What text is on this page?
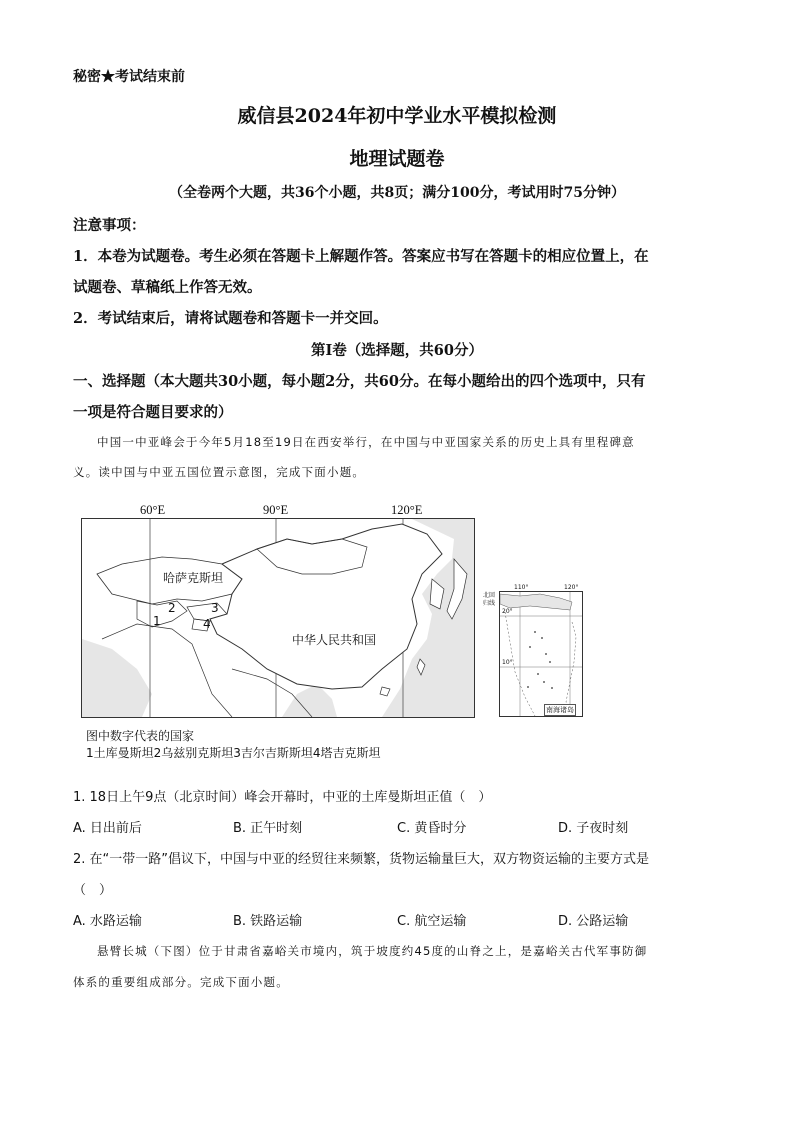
秘密★考试结束前
威信县2024年初中学业水平模拟检测
地理试题卷
（全卷两个大题，共36个小题，共8页；满分100分，考试用时75分钟）
注意事项：
1．本卷为试题卷。考生必须在答题卡上解题作答。答案应书写在答题卡的相应位置上，在
试题卷、草稿纸上作答无效。
2．考试结束后，请将试题卷和答题卡一并交回。
第Ⅰ卷（选择题，共60分）
一、选择题（本大题共30小题，每小题2分，共60分。在每小题给出的四个选项中，只有
一项是符合题目要求的）
中国一中亚峰会于今年5月18至19日在西安举行，在中国与中亚国家关系的历史上具有里程碑意
义。读中国与中亚五国位置示意图，完成下面小题。
60°E	90°E	120°E
哈萨克斯坦
中华人民共和国
1
2	3
4
110°	120°
北回
归线
20°
10°
南海诸岛
图中数字代表的国家
1土库曼斯坦2乌兹别克斯坦3吉尔吉斯斯坦4塔吉克斯坦
1. 18日上午9点（北京时间）峰会开幕时，中亚的土库曼斯坦正值（　）
A. 日出前后	B. 正午时刻	C. 黄昏时分	D. 子夜时刻
2. 在“一带一路”倡议下，中国与中亚的经贸往来频繁，货物运输量巨大，双方物资运输的主要方式是
（　）
A. 水路运输	B. 铁路运输	C. 航空运输	D. 公路运输
悬臂长城（下图）位于甘肃省嘉峪关市境内，筑于坡度约45度的山脊之上，是嘉峪关古代军事防御
体系的重要组成部分。完成下面小题。
